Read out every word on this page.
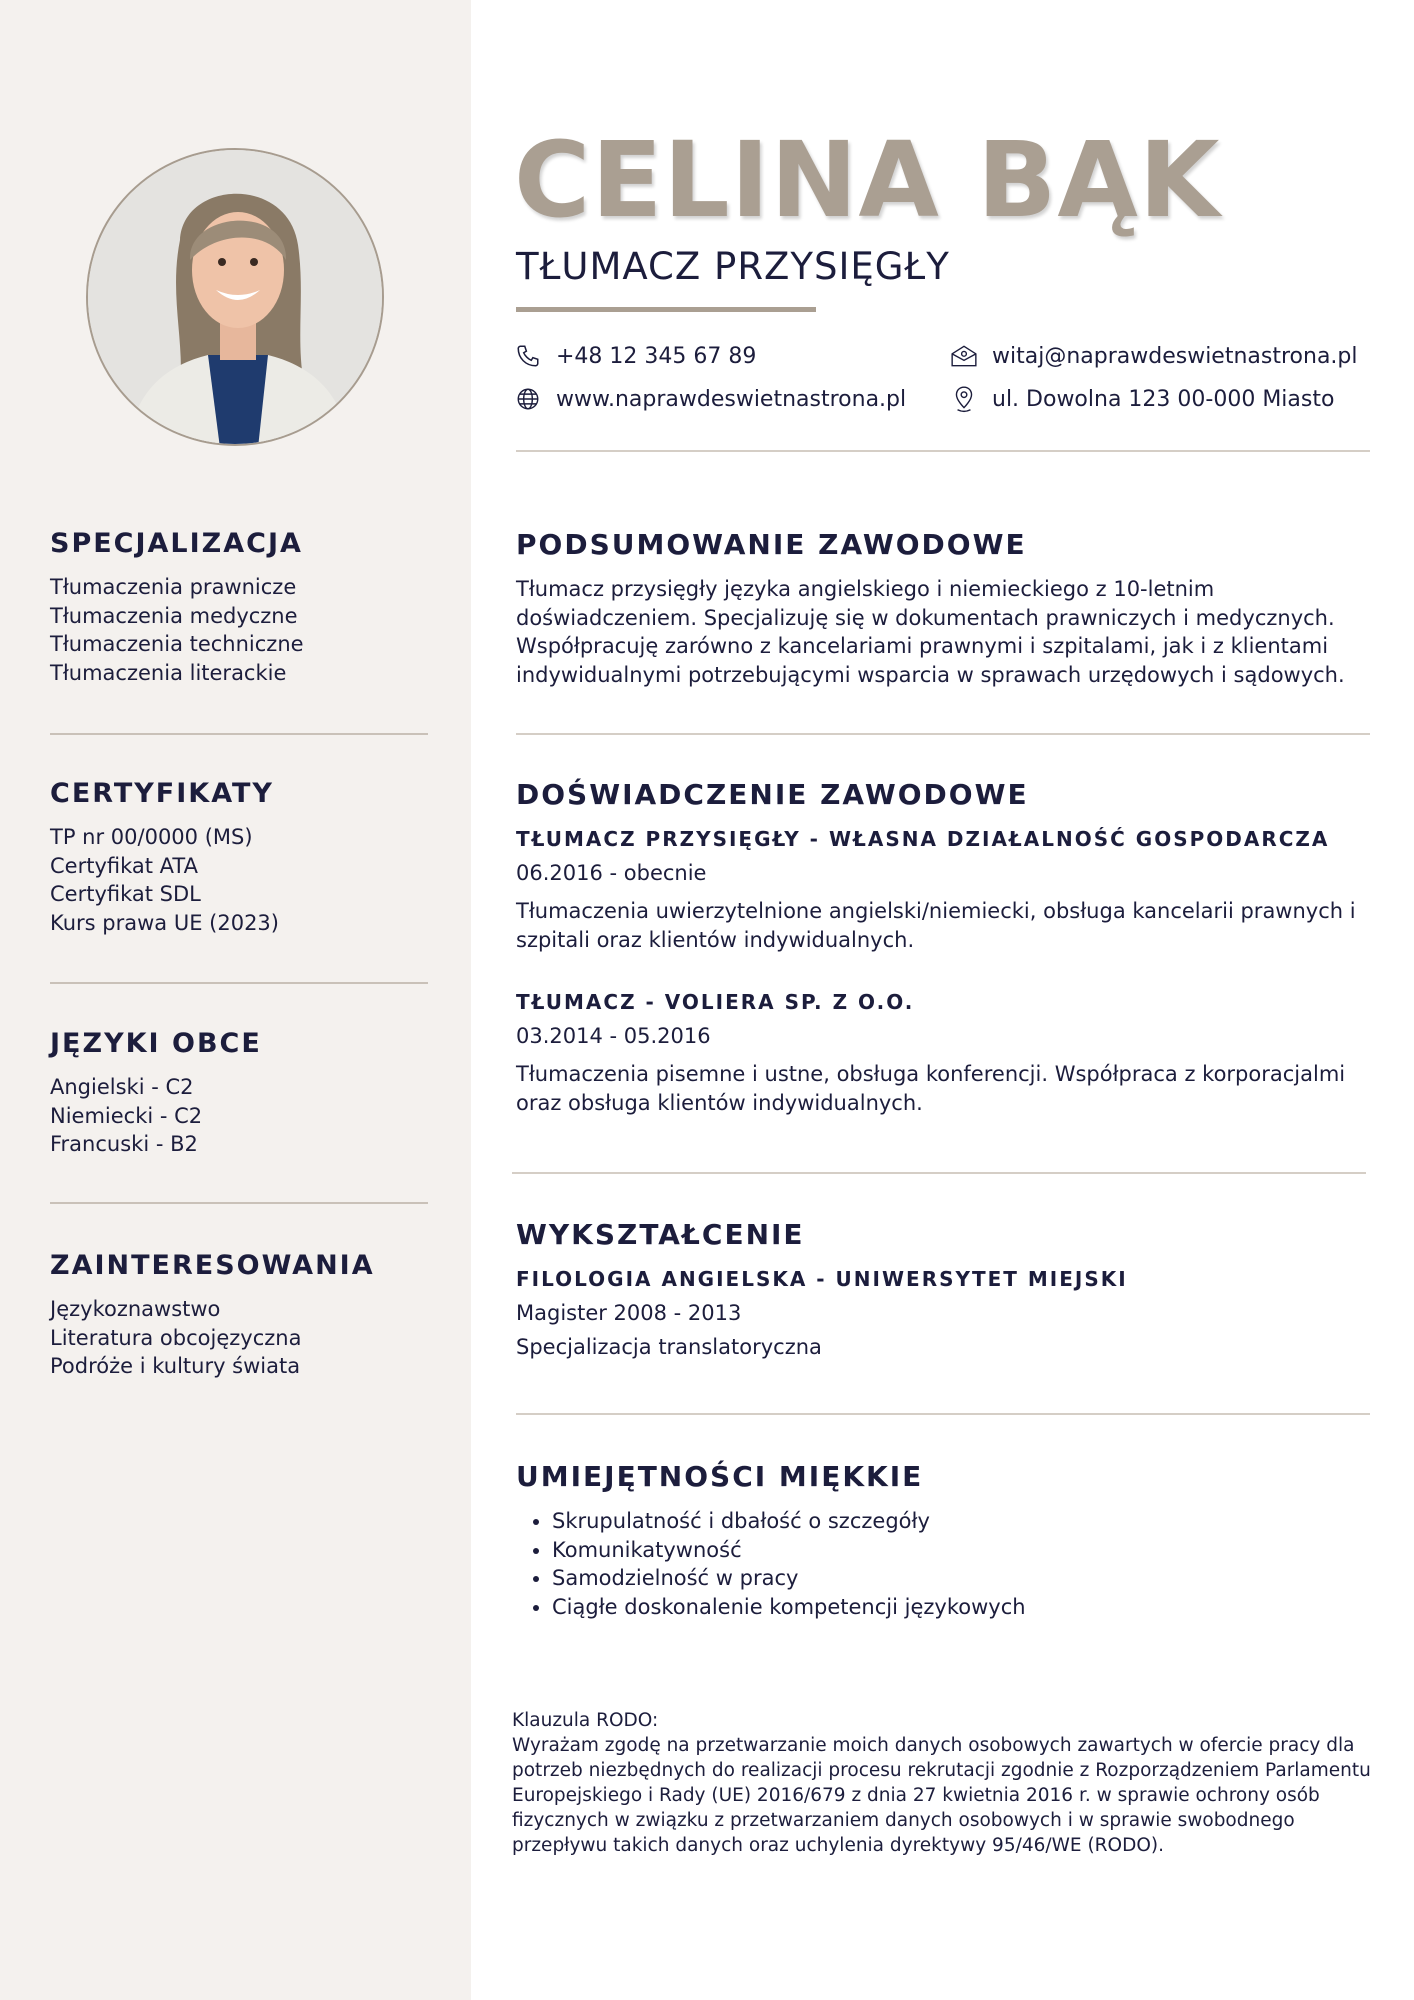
SPECJALIZACJA
Tłumaczenia prawnicze
Tłumaczenia medyczne
Tłumaczenia techniczne
Tłumaczenia literackie
CERTYFIKATY
TP nr 00/0000 (MS)
Certyfikat ATA
Certyfikat SDL
Kurs prawa UE (2023)
JĘZYKI OBCE
Angielski - C2
Niemiecki - C2
Francuski - B2
ZAINTERESOWANIA
Językoznawstwo
Literatura obcojęzyczna
Podróże i kultury świata
CELINA BĄK
TŁUMACZ PRZYSIĘGŁY
+48 12 345 67 89
www.naprawdeswietnastrona.pl
witaj@naprawdeswietnastrona.pl
ul. Dowolna 123 00-000 Miasto
PODSUMOWANIE ZAWODOWE
Tłumacz przysięgły języka angielskiego i niemieckiego z 10-letnim doświadczeniem. Specjalizuję się w dokumentach prawniczych i medycznych. Współpracuję zarówno z kancelariami prawnymi i szpitalami, jak i z klientami indywidualnymi potrzebującymi wsparcia w sprawach urzędowych i sądowych.
DOŚWIADCZENIE ZAWODOWE
TŁUMACZ PRZYSIĘGŁY - WŁASNA DZIAŁALNOŚĆ GOSPODARCZA
06.2016 - obecnie
Tłumaczenia uwierzytelnione angielski/niemiecki, obsługa kancelarii prawnych i szpitali oraz klientów indywidualnych.
TŁUMACZ - VOLIERA SP. Z O.O.
03.2014 - 05.2016
Tłumaczenia pisemne i ustne, obsługa konferencji. Współpraca z korporacjalmi oraz obsługa klientów indywidualnych.
WYKSZTAŁCENIE
FILOLOGIA ANGIELSKA - UNIWERSYTET MIEJSKI
Magister 2008 - 2013
Specjalizacja translatoryczna
UMIEJĘTNOŚCI MIĘKKIE
• Skrupulatność i dbałość o szczegóły
• Komunikatywność
• Samodzielność w pracy
• Ciągłe doskonalenie kompetencji językowych
Klauzula RODO:
Wyrażam zgodę na przetwarzanie moich danych osobowych zawartych w ofercie pracy dla potrzeb niezbędnych do realizacji procesu rekrutacji zgodnie z Rozporządzeniem Parlamentu Europejskiego i Rady (UE) 2016/679 z dnia 27 kwietnia 2016 r. w sprawie ochrony osób fizycznych w związku z przetwarzaniem danych osobowych i w sprawie swobodnego przepływu takich danych oraz uchylenia dyrektywy 95/46/WE (RODO).
